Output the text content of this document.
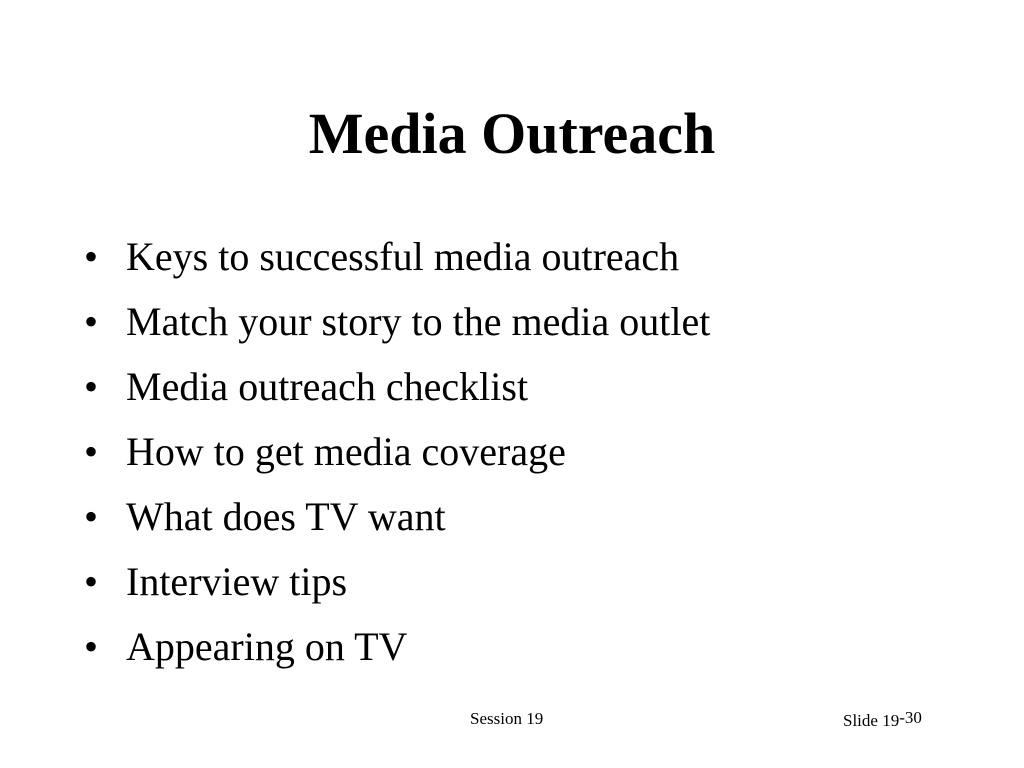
Media Outreach
• Keys to successful media outreach
• Match your story to the media outlet
• Media outreach checklist
• How to get media coverage
• What does TV want
• Interview tips
• Appearing on TV
Session 19	Slide 19-30
